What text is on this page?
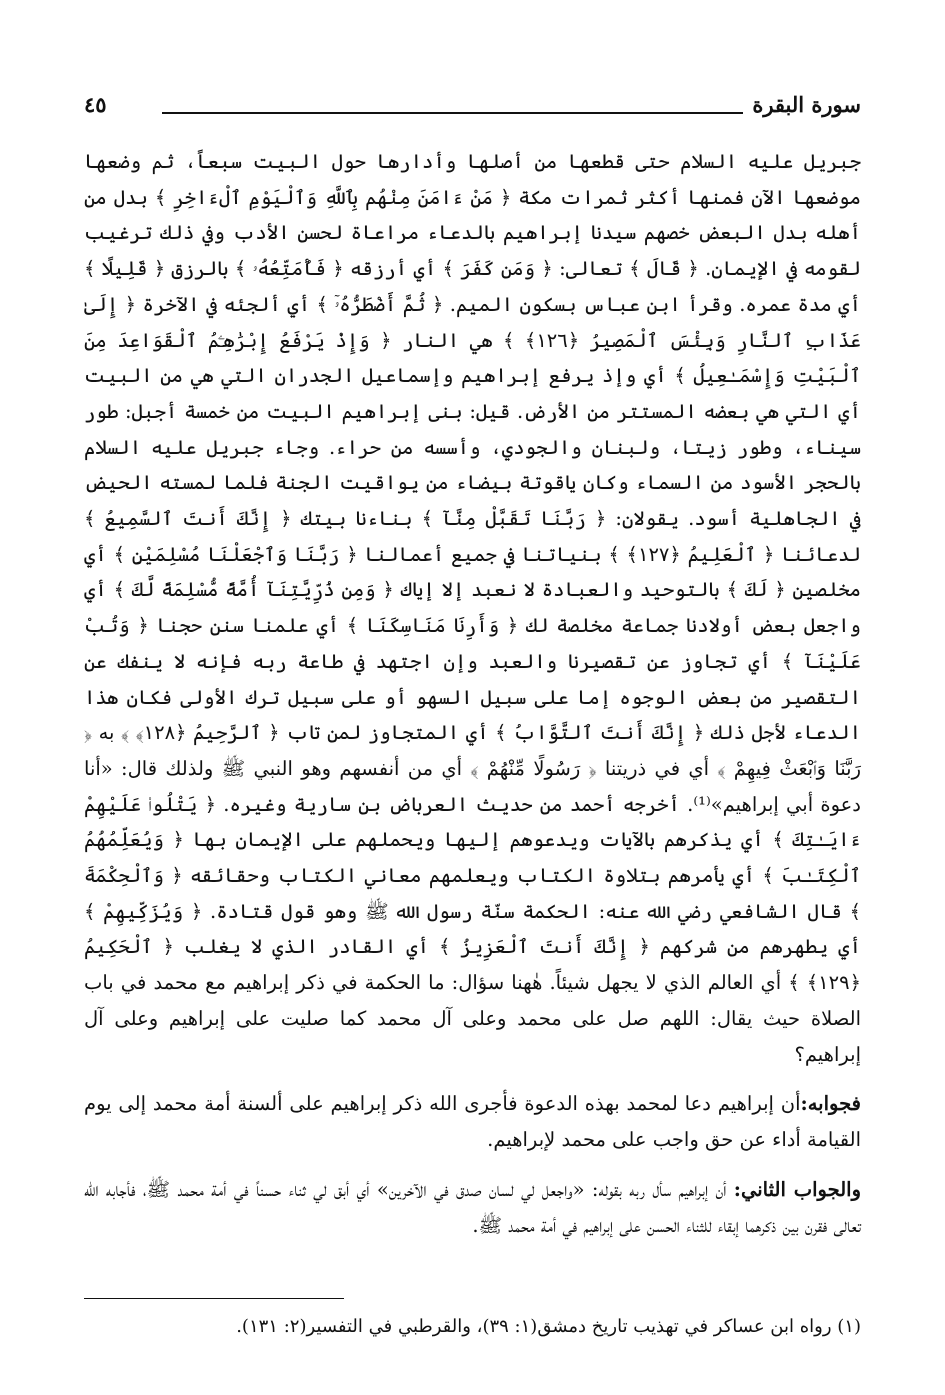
سورة البقرة
٤٥

جبريل عليه السلام حتى قطعها من أصلها وأدارها حول البيت سبعاً، ثم وضعها موضعها الآن فمنها أكثر ثمرات مكة ﴿ مَنْ ءَامَنَ مِنْهُم بِٱللَّهِ وَٱلْيَوْمِ ٱلْءَاخِرِ ﴾ بدل من أهله بدل البعض خصهم سيدنا إبراهيم بالدعاء مراعاة لحسن الأدب وفي ذلك ترغيب لقومه في الإيمان. ﴿ قَالَ ﴾ تعالى: ﴿ وَمَن كَفَرَ ﴾ أي أرزقه ﴿ فَأُمَتِّعُهُۥ ﴾ بالرزق ﴿ قَلِيلًا ﴾ أي مدة عمره. وقرأ ابن عباس بسكون الميم. ﴿ ثُمَّ أَضْطَرُّهُۥٓ ﴾ أي ألجئه في الآخرة ﴿ إِلَىٰ عَذَابِ ٱلنَّارِ وَبِئْسَ ٱلْمَصِيرُ ﴿١٢٦﴾ ﴾ هي النار ﴿ وَإِذْ يَرْفَعُ إِبْرَٰهِـۧمُ ٱلْقَوَاعِدَ مِنَ ٱلْبَيْتِ وَإِسْمَـٰعِيلُ ﴾ أي وإذ يرفع إبراهيم وإسماعيل الجدران التي هي من البيت أي التي هي بعضه المستتر من الأرض. قيل: بنى إبراهيم البيت من خمسة أجبل: طور سيناء، وطور زيتا، ولبنان والجودي، وأسسه من حراء. وجاء جبريل عليه السلام بالحجر الأسود من السماء وكان ياقوتة بيضاء من يواقيت الجنة فلما لمسته الحيض في الجاهلية أسود. يقولان: ﴿ رَبَّنَا تَقَبَّلْ مِنَّآ ﴾ بناءنا بيتك ﴿ إِنَّكَ أَنتَ ٱلسَّمِيعُ ﴾ لدعائنا ﴿ ٱلْعَلِيمُ ﴿١٢٧﴾ ﴾ بنياتنا في جميع أعمالنا ﴿ رَبَّنَا وَٱجْعَلْنَا مُسْلِمَيْنِ ﴾ أي مخلصين ﴿ لَكَ ﴾ بالتوحيد والعبادة لا نعبد إلا إياك ﴿ وَمِن ذُرِّيَّتِنَآ أُمَّةً مُّسْلِمَةً لَّكَ ﴾ أي واجعل بعض أولادنا جماعة مخلصة لك ﴿ وَأَرِنَا مَنَاسِكَنَا ﴾ أي علمنا سنن حجنا ﴿ وَتُبْ عَلَيْنَآ ﴾ أي تجاوز عن تقصيرنا والعبد وإن اجتهد في طاعة ربه فإنه لا ينفك عن التقصير من بعض الوجوه إما على سبيل السهو أو على سبيل ترك الأولى فكان هذا الدعاء لأجل ذلك ﴿ إِنَّكَ أَنتَ ٱلتَّوَّابُ ﴾ أي المتجاوز لمن تاب ﴿ ٱلرَّحِيمُ ﴿١٢٨﴾ ﴾ به ﴿ رَبَّنَا وَٱبْعَثْ فِيهِمْ ﴾ أي في ذريتنا ﴿ رَسُولًا مِّنْهُمْ ﴾ أي من أنفسهم وهو النبي ﷺ ولذلك قال: «أنا دعوة أبي إبراهيم»⁽¹⁾. أخرجه أحمد من حديث العرباض بن سارية وغيره. ﴿ يَتْلُوا۟ عَلَيْهِمْ ءَايَـٰتِكَ ﴾ أي يذكرهم بالآيات ويدعوهم إليها ويحملهم على الإيمان بها ﴿ وَيُعَلِّمُهُمُ ٱلْكِتَـٰبَ ﴾ أي يأمرهم بتلاوة الكتاب ويعلمهم معاني الكتاب وحقائقه ﴿ وَٱلْحِكْمَةَ ﴾ قال الشافعي رضي الله عنه: الحكمة سنّة رسول الله ﷺ وهو قول قتادة. ﴿ وَيُزَكِّيهِمْ ﴾ أي يطهرهم من شركهم ﴿ إِنَّكَ أَنتَ ٱلْعَزِيزُ ﴾ أي القادر الذي لا يغلب ﴿ ٱلْحَكِيمُ ﴿١٢٩﴾ ﴾ أي العالم الذي لا يجهل شيئاً. هٰهنا سؤال: ما الحكمة في ذكر إبراهيم مع محمد في باب الصلاة حيث يقال: اللهم صل على محمد وعلى آل محمد كما صليت على إبراهيم وعلى آل إبراهيم؟

فجوابه:أن إبراهيم دعا لمحمد بهذه الدعوة فأجرى الله ذكر إبراهيم على ألسنة أمة محمد إلى يوم القيامة أداء عن حق واجب على محمد لإبراهيم.

والجواب الثاني: أن إبراهيم سأل ربه بقوله: «واجعل لي لسان صدق في الآخرين» أي أبق لي ثناء حسناً في أمة محمد ﷺ، فأجابه الله تعالى فقرن بين ذكرهما إبقاء للثناء الحسن على إبراهيم في أمة محمد ﷺ.

(١) رواه ابن عساكر في تهذيب تاريخ دمشق(١: ٣٩)، والقرطبي في التفسير(٢: ١٣١).
